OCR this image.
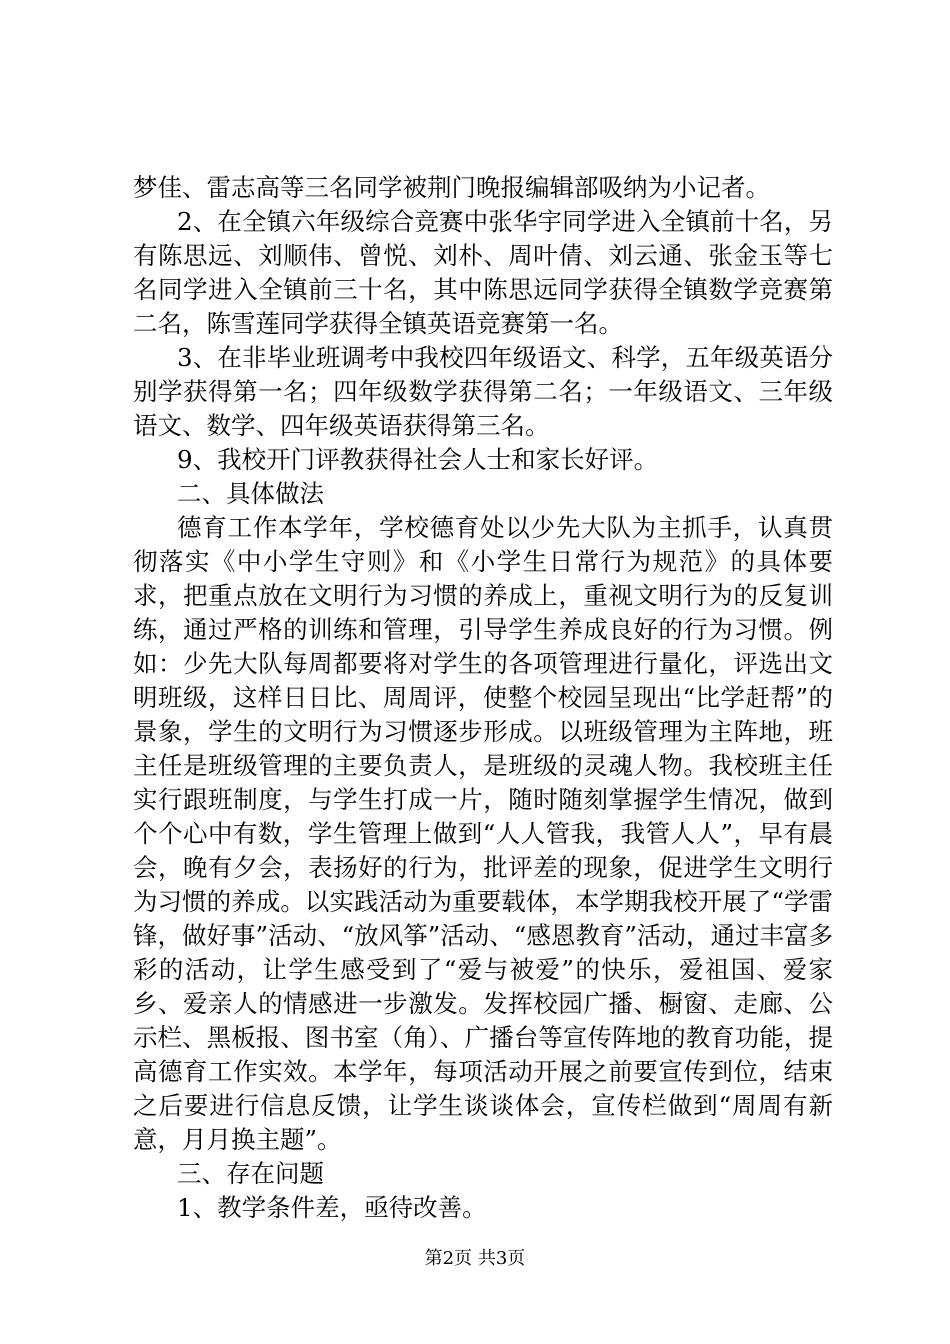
梦佳、雷志高等三名同学被荆门晚报编辑部吸纳为小记者。

2、在全镇六年级综合竞赛中张华宇同学进入全镇前十名，另有陈思远、刘顺伟、曾悦、刘朴、周叶倩、刘云通、张金玉等七名同学进入全镇前三十名，其中陈思远同学获得全镇数学竞赛第二名，陈雪莲同学获得全镇英语竞赛第一名。

3、在非毕业班调考中我校四年级语文、科学，五年级英语分别学获得第一名；四年级数学获得第二名；一年级语文、三年级语文、数学、四年级英语获得第三名。

9、我校开门评教获得社会人士和家长好评。

二、具体做法

德育工作本学年，学校德育处以少先大队为主抓手，认真贯彻落实《中小学生守则》和《小学生日常行为规范》的具体要求，把重点放在文明行为习惯的养成上，重视文明行为的反复训练，通过严格的训练和管理，引导学生养成良好的行为习惯。例如：少先大队每周都要将对学生的各项管理进行量化，评选出文明班级，这样日日比、周周评，使整个校园呈现出“比学赶帮”的景象，学生的文明行为习惯逐步形成。以班级管理为主阵地，班主任是班级管理的主要负责人，是班级的灵魂人物。我校班主任实行跟班制度，与学生打成一片，随时随刻掌握学生情况，做到个个心中有数，学生管理上做到“人人管我，我管人人”，早有晨会，晚有夕会，表扬好的行为，批评差的现象，促进学生文明行为习惯的养成。以实践活动为重要载体，本学期我校开展了“学雷锋，做好事”活动、“放风筝”活动、“感恩教育”活动，通过丰富多彩的活动，让学生感受到了“爱与被爱”的快乐，爱祖国、爱家乡、爱亲人的情感进一步激发。发挥校园广播、橱窗、走廊、公示栏、黑板报、图书室（角）、广播台等宣传阵地的教育功能，提高德育工作实效。本学年，每项活动开展之前要宣传到位，结束之后要进行信息反馈，让学生谈谈体会，宣传栏做到“周周有新意，月月换主题”。

三、存在问题

1、教学条件差，亟待改善。

第2页 共3页
